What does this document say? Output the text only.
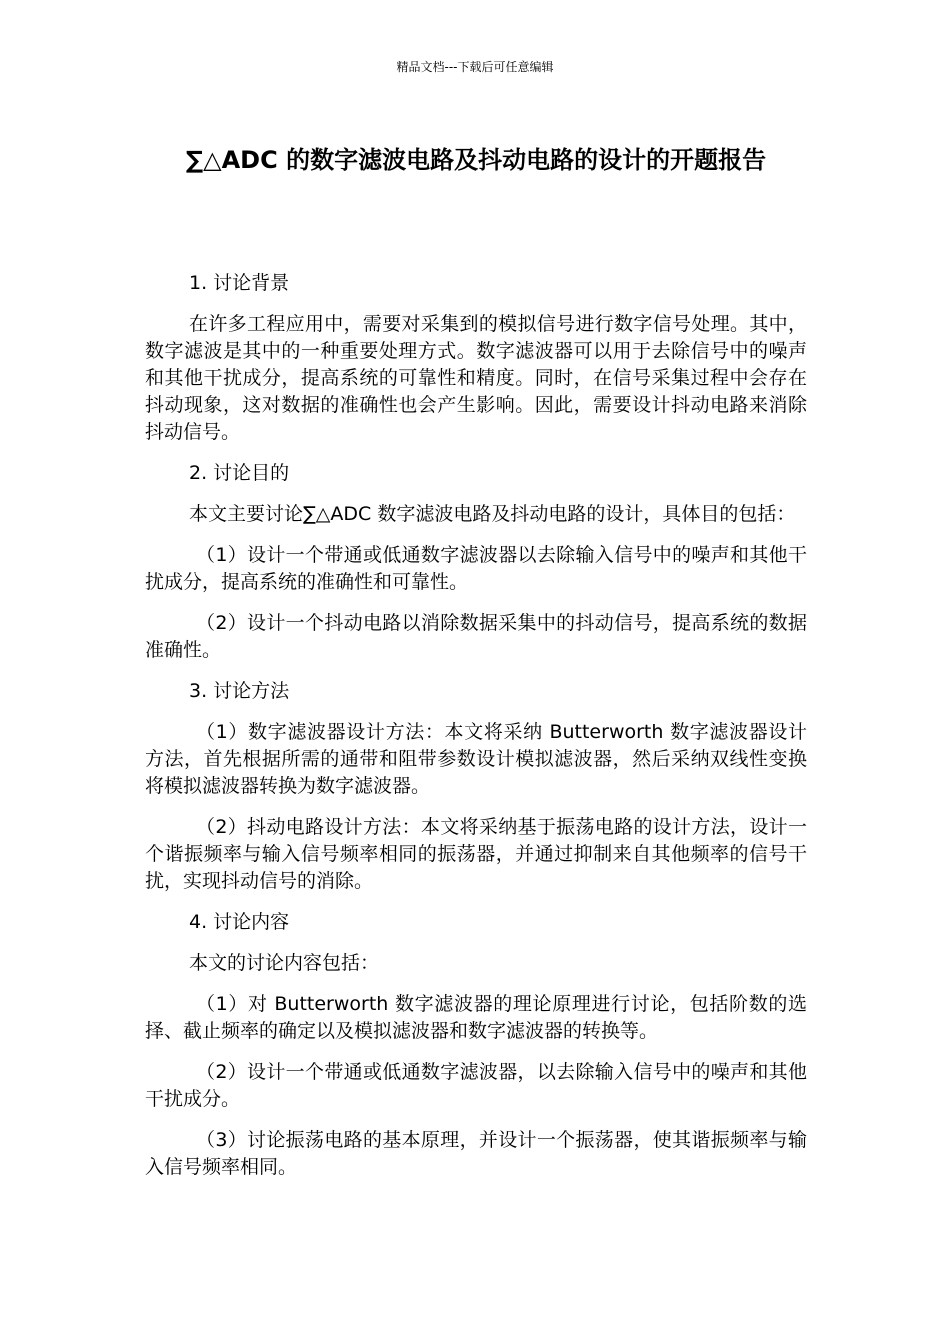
精品文档---下载后可任意编辑
∑△ADC 的数字滤波电路及抖动电路的设计的开题报告
1. 讨论背景
在许多工程应用中，需要对采集到的模拟信号进行数字信号处理。其中，数字滤波是其中的一种重要处理方式。数字滤波器可以用于去除信号中的噪声和其他干扰成分，提高系统的可靠性和精度。同时，在信号采集过程中会存在抖动现象，这对数据的准确性也会产生影响。因此，需要设计抖动电路来消除抖动信号。
2. 讨论目的
本文主要讨论∑△ADC 数字滤波电路及抖动电路的设计，具体目的包括：
（1）设计一个带通或低通数字滤波器以去除输入信号中的噪声和其他干扰成分，提高系统的准确性和可靠性。
（2）设计一个抖动电路以消除数据采集中的抖动信号，提高系统的数据准确性。
3. 讨论方法
（1）数字滤波器设计方法：本文将采纳 Butterworth 数字滤波器设计方法，首先根据所需的通带和阻带参数设计模拟滤波器，然后采纳双线性变换将模拟滤波器转换为数字滤波器。
（2）抖动电路设计方法：本文将采纳基于振荡电路的设计方法，设计一个谐振频率与输入信号频率相同的振荡器，并通过抑制来自其他频率的信号干扰，实现抖动信号的消除。
4. 讨论内容
本文的讨论内容包括：
（1）对 Butterworth 数字滤波器的理论原理进行讨论，包括阶数的选择、截止频率的确定以及模拟滤波器和数字滤波器的转换等。
（2）设计一个带通或低通数字滤波器，以去除输入信号中的噪声和其他干扰成分。
（3）讨论振荡电路的基本原理，并设计一个振荡器，使其谐振频率与输入信号频率相同。
